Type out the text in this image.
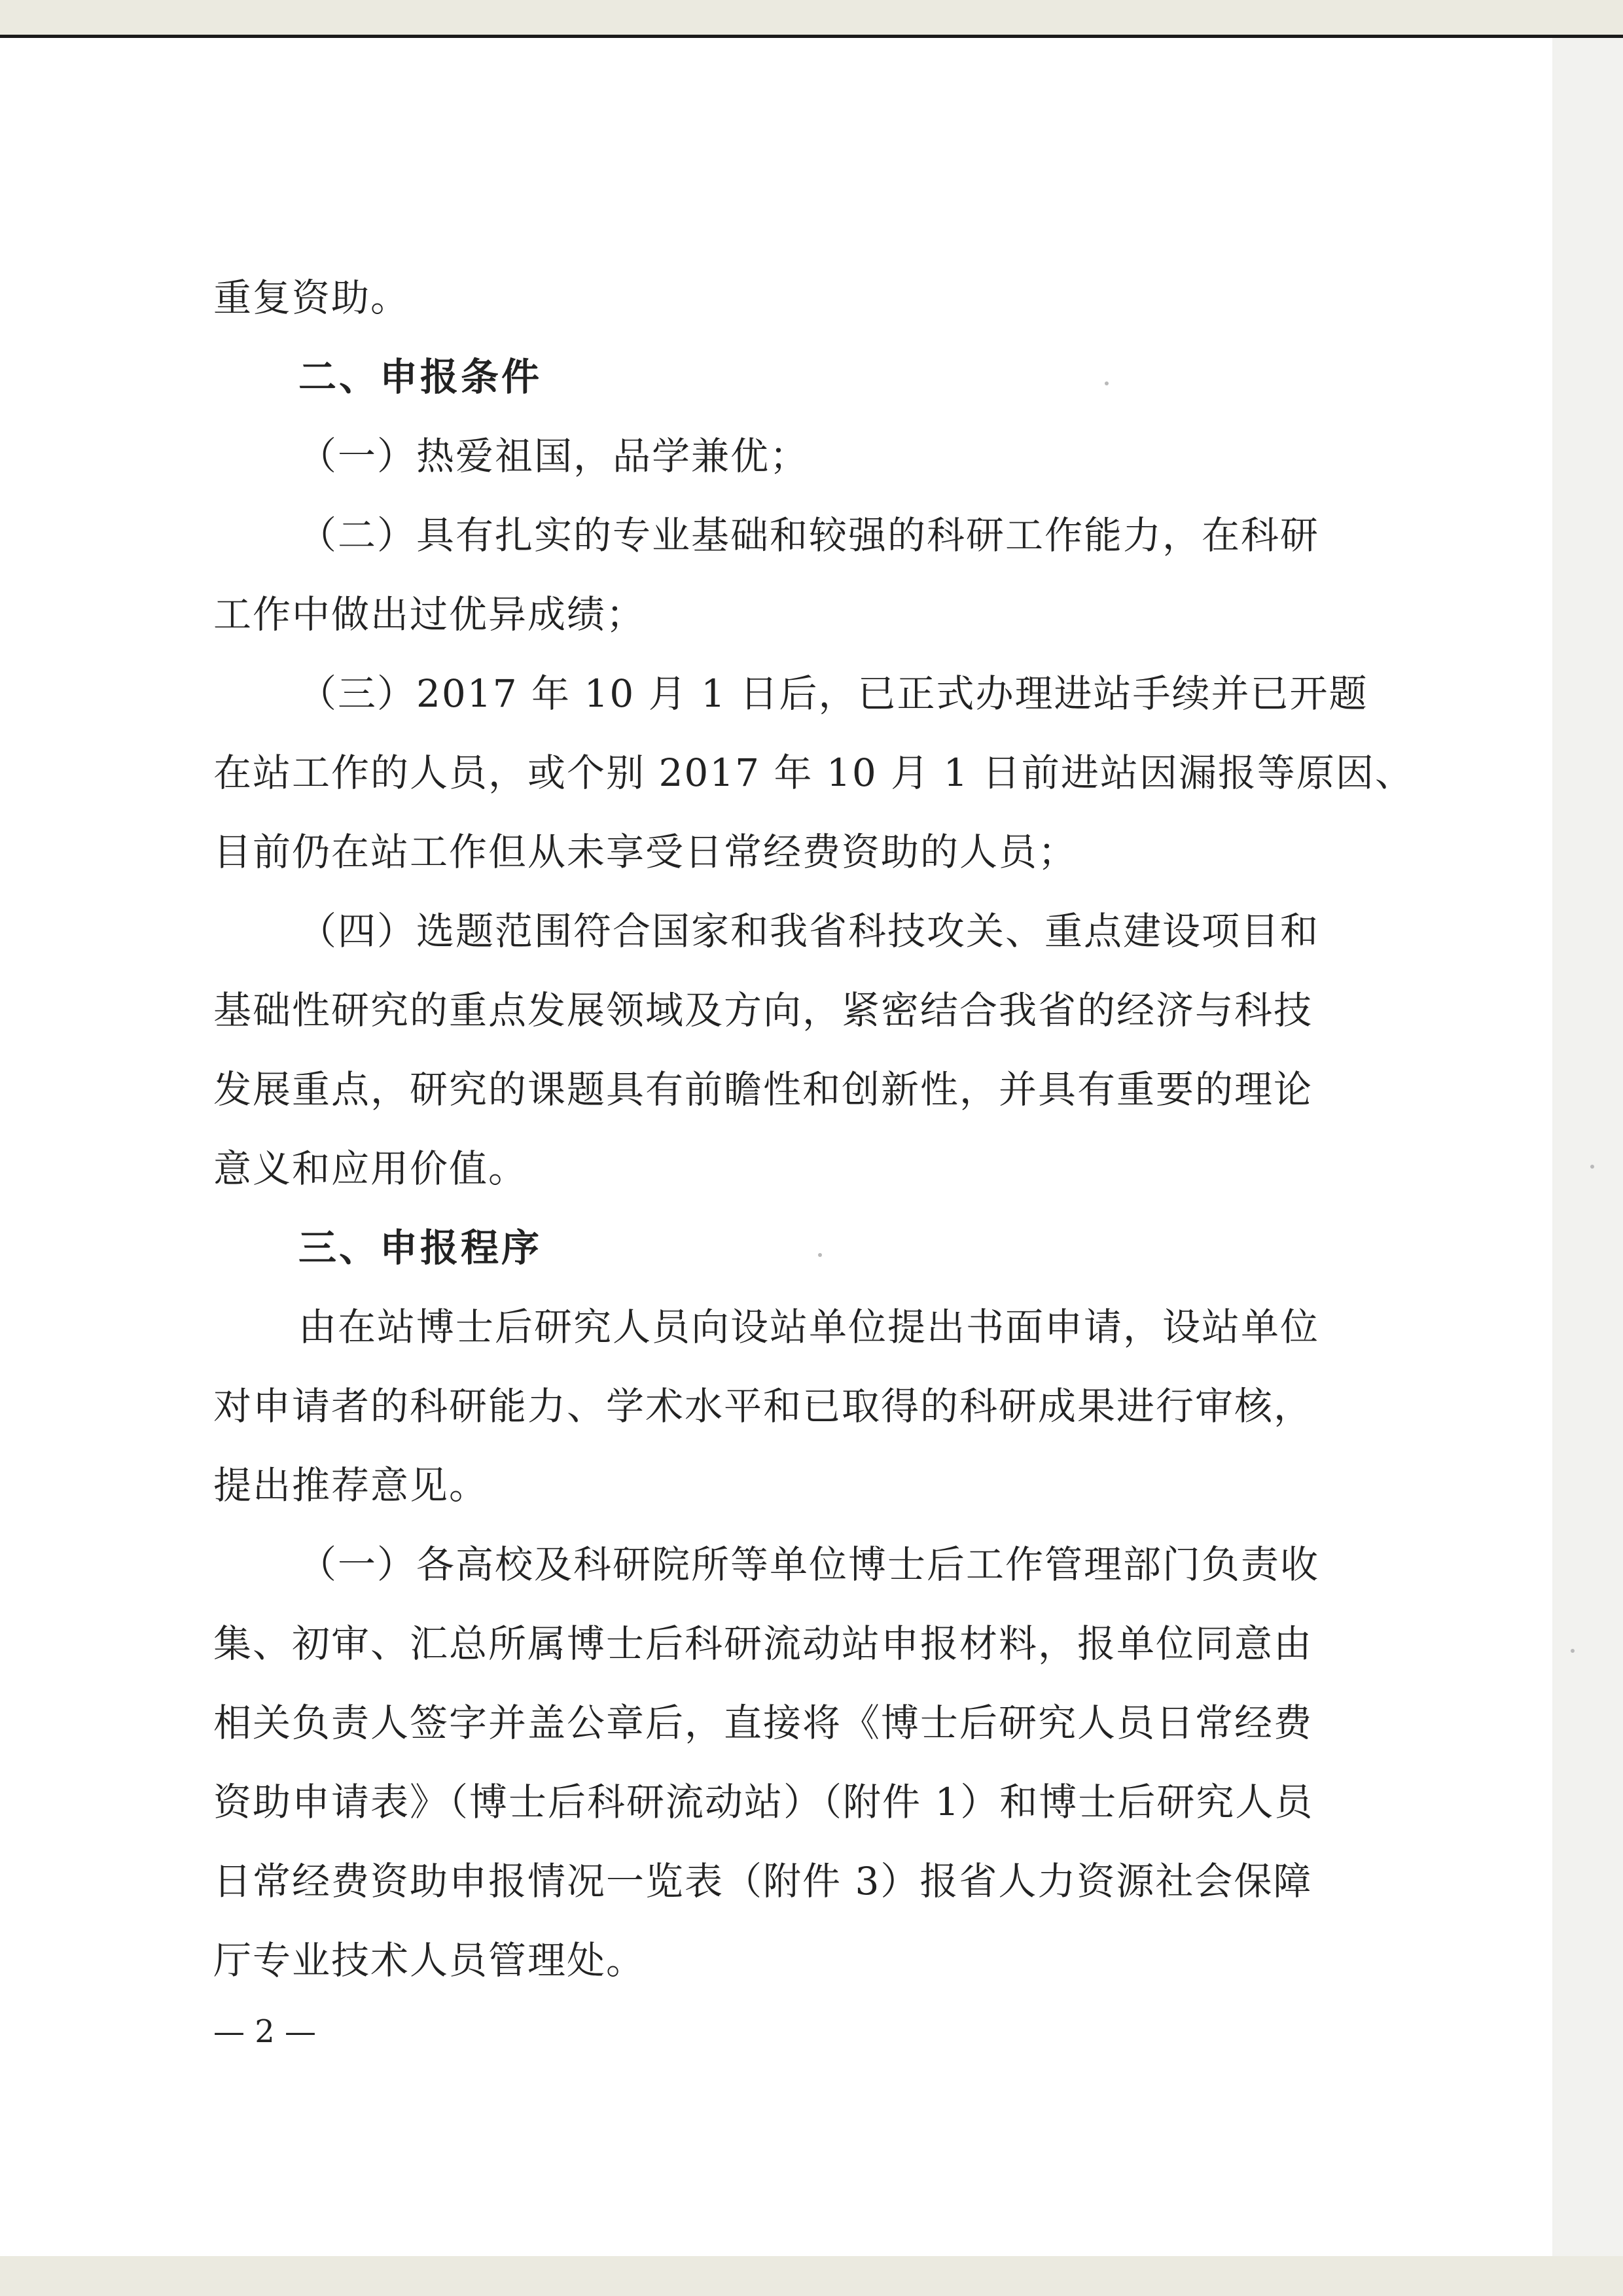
重复资助。
二、申报条件
（一）热爱祖国，品学兼优；
（二）具有扎实的专业基础和较强的科研工作能力，在科研
工作中做出过优异成绩；
（三）2017 年 10 月 1 日后，已正式办理进站手续并已开题
在站工作的人员，或个别 2017 年 10 月 1 日前进站因漏报等原因、
目前仍在站工作但从未享受日常经费资助的人员；
（四）选题范围符合国家和我省科技攻关、重点建设项目和
基础性研究的重点发展领域及方向，紧密结合我省的经济与科技
发展重点，研究的课题具有前瞻性和创新性，并具有重要的理论
意义和应用价值。
三、申报程序
由在站博士后研究人员向设站单位提出书面申请，设站单位
对申请者的科研能力、学术水平和已取得的科研成果进行审核，
提出推荐意见。
（一）各高校及科研院所等单位博士后工作管理部门负责收
集、初审、汇总所属博士后科研流动站申报材料，报单位同意由
相关负责人签字并盖公章后，直接将《博士后研究人员日常经费
资助申请表》（博士后科研流动站）（附件 1）和博士后研究人员
日常经费资助申报情况一览表（附件 3）报省人力资源社会保障
厅专业技术人员管理处。
— 2 —
